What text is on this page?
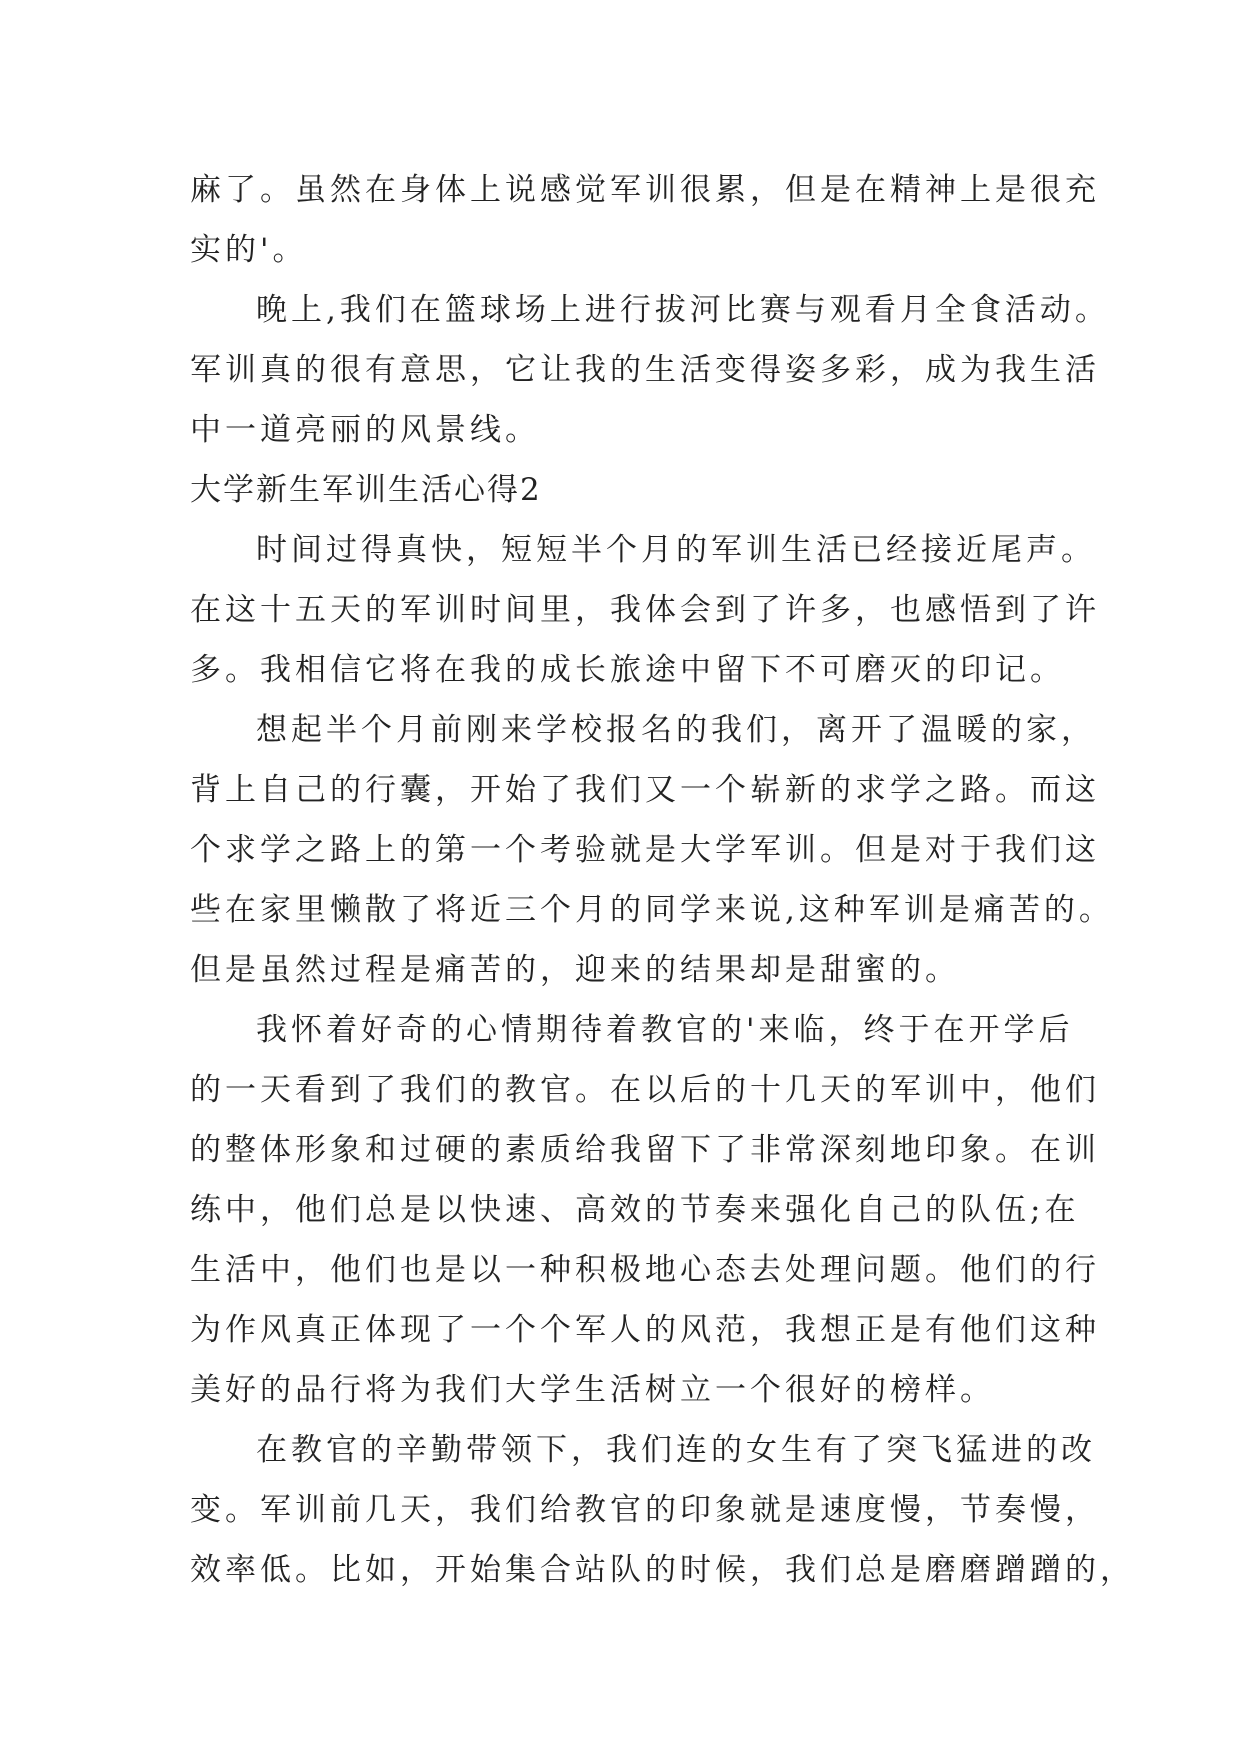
麻了。虽然在身体上说感觉军训很累，但是在精神上是很充
实的'。
晚上,我们在篮球场上进行拔河比赛与观看月全食活动。
军训真的很有意思，它让我的生活变得姿多彩，成为我生活
中一道亮丽的风景线。
大学新生军训生活心得2
时间过得真快，短短半个月的军训生活已经接近尾声。
在这十五天的军训时间里，我体会到了许多，也感悟到了许
多。我相信它将在我的成长旅途中留下不可磨灭的印记。
想起半个月前刚来学校报名的我们，离开了温暖的家，
背上自己的行囊，开始了我们又一个崭新的求学之路。而这
个求学之路上的第一个考验就是大学军训。但是对于我们这
些在家里懒散了将近三个月的同学来说,这种军训是痛苦的。
但是虽然过程是痛苦的，迎来的结果却是甜蜜的。
我怀着好奇的心情期待着教官的'来临，终于在开学后
的一天看到了我们的教官。在以后的十几天的军训中，他们
的整体形象和过硬的素质给我留下了非常深刻地印象。在训
练中，他们总是以快速、高效的节奏来强化自己的队伍;在
生活中，他们也是以一种积极地心态去处理问题。他们的行
为作风真正体现了一个个军人的风范，我想正是有他们这种
美好的品行将为我们大学生活树立一个很好的榜样。
在教官的辛勤带领下，我们连的女生有了突飞猛进的改
变。军训前几天，我们给教官的印象就是速度慢，节奏慢，
效率低。比如，开始集合站队的时候，我们总是磨磨蹭蹭的，
